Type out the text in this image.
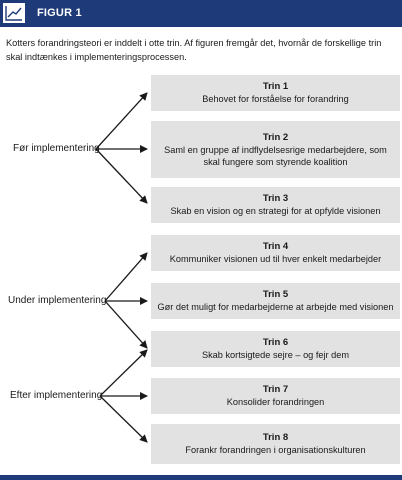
FIGUR 1
Kotters forandringsteori er inddelt i otte trin. Af figuren fremgår det, hvornår de forskellige trin skal indtænkes i implementeringsprocessen.
Før implementering
Under implementering
Efter implementering
Trin 1
Behovet for forståelse for forandring
Trin 2
Saml en gruppe af indflydelsesrige medarbejdere, som skal fungere som styrende koalition
Trin 3
Skab en vision og en strategi for at opfylde visionen
Trin 4
Kommuniker visionen ud til hver enkelt medarbejder
Trin 5
Gør det muligt for medarbejderne at arbejde med visionen
Trin 6
Skab kortsigtede sejre – og fejr dem
Trin 7
Konsolider forandringen
Trin 8
Forankr forandringen i organisationskulturen
